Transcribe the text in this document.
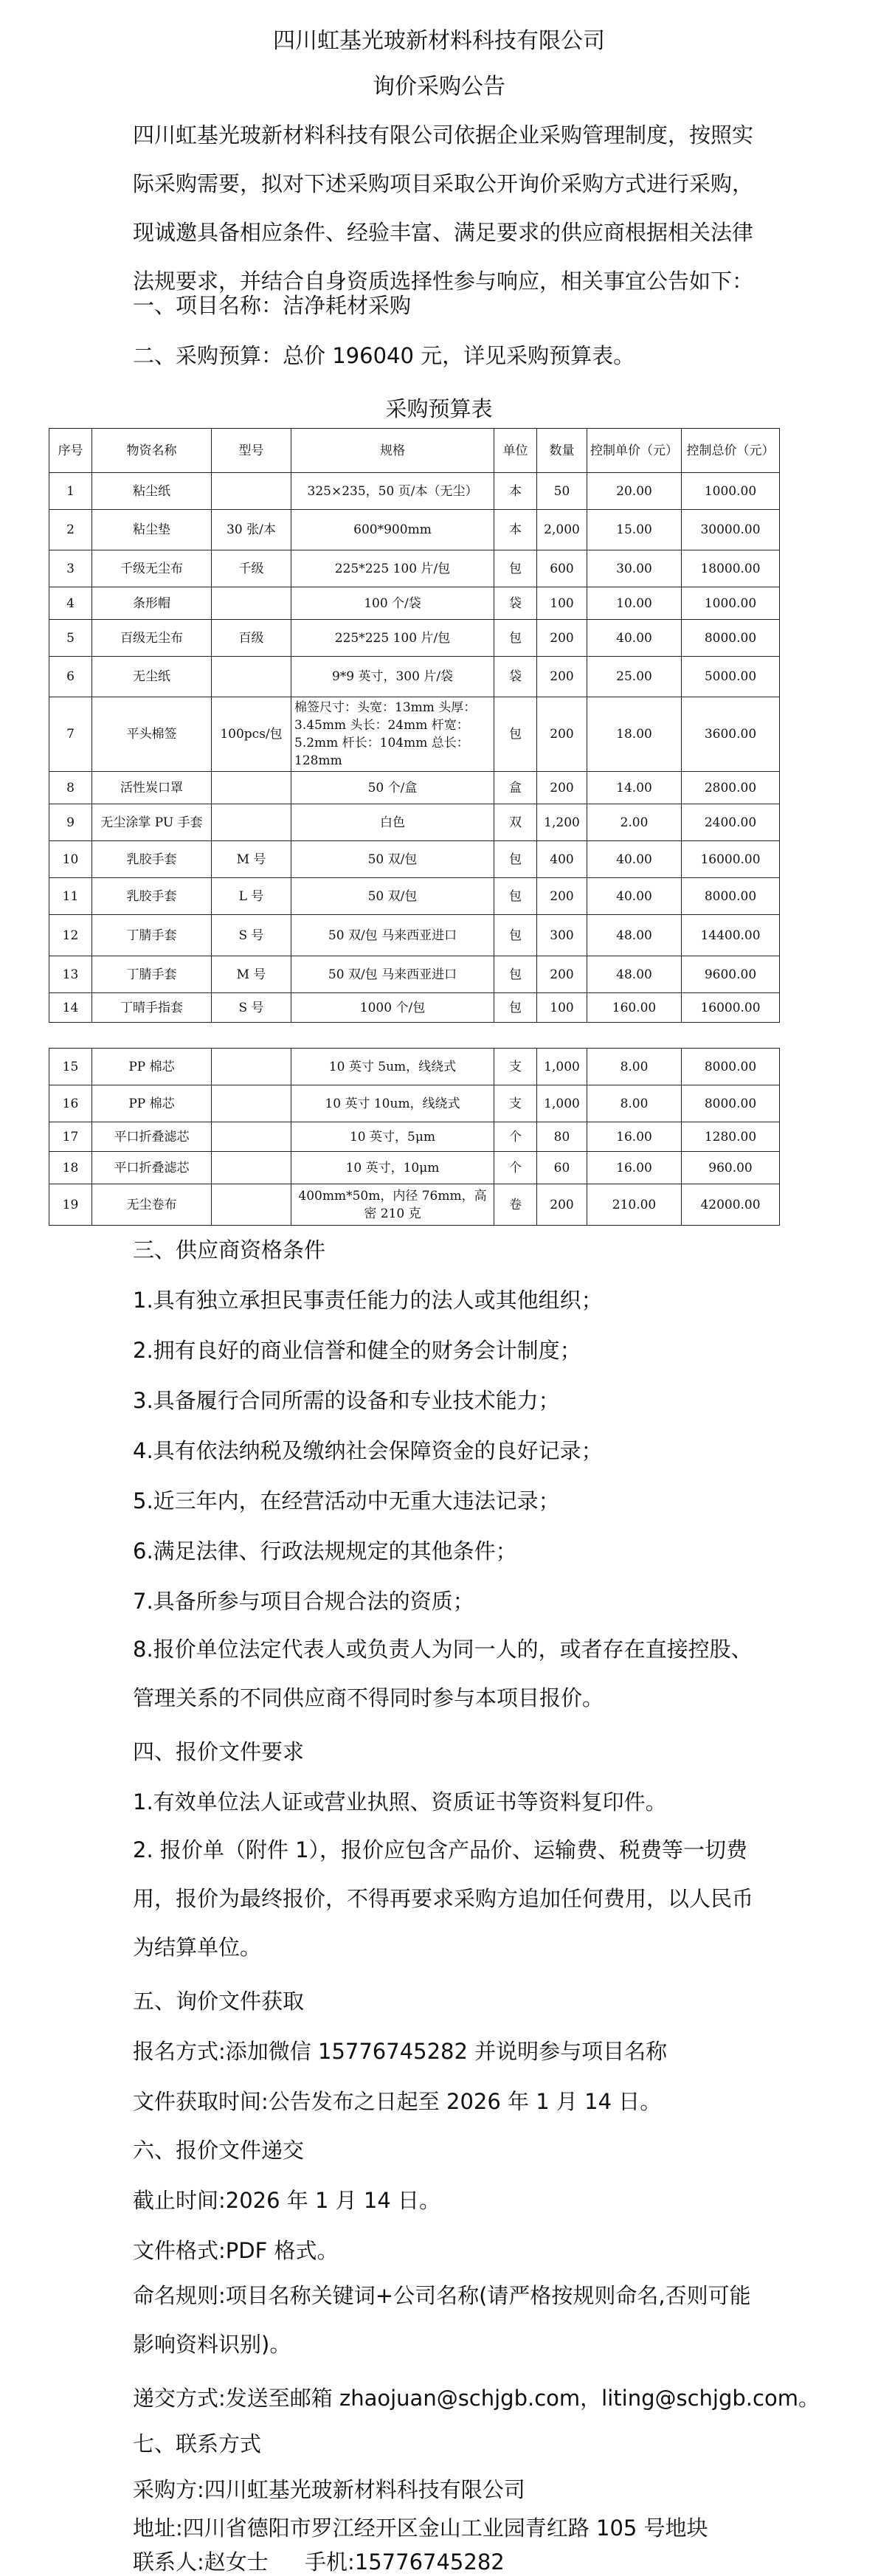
四川虹基光玻新材料科技有限公司
询价采购公告

四川虹基光玻新材料科技有限公司依据企业采购管理制度，按照实际采购需要，拟对下述采购项目采取公开询价采购方式进行采购，现诚邀具备相应条件、经验丰富、满足要求的供应商根据相关法律法规要求，并结合自身资质选择性参与响应，相关事宜公告如下：

一、项目名称：洁净耗材采购
二、采购预算：总价 196040 元，详见采购预算表。
采购预算表
序号	物资名称	型号	规格	单位	数量	控制单价（元）	控制总价（元）
1	粘尘纸		325×235，50 页/本（无尘）	本	50	20.00	1000.00
2	粘尘垫	30 张/本	600*900mm	本	2,000	15.00	30000.00
3	千级无尘布	千级	225*225 100 片/包	包	600	30.00	18000.00
4	条形帽		100 个/袋	袋	100	10.00	1000.00
5	百级无尘布	百级	225*225 100 片/包	包	200	40.00	8000.00
6	无尘纸		9*9 英寸，300 片/袋	袋	200	25.00	5000.00
7	平头棉签	100pcs/包	棉签尺寸：头宽：13mm 头厚：3.45mm 头长：24mm 杆宽：5.2mm 杆长：104mm 总长： 128mm	包	200	18.00	3600.00
8	活性炭口罩		50 个/盒	盒	200	14.00	2800.00
9	无尘涂掌 PU 手套		白色	双	1,200	2.00	2400.00
10	乳胶手套	M 号	50 双/包	包	400	40.00	16000.00
11	乳胶手套	L 号	50 双/包	包	200	40.00	8000.00
12	丁腈手套	S 号	50 双/包 马来西亚进口	包	300	48.00	14400.00
13	丁腈手套	M 号	50 双/包 马来西亚进口	包	200	48.00	9600.00
14	丁晴手指套	S 号	1000 个/包	包	100	160.00	16000.00
15	PP 棉芯		10 英寸 5um，线绕式	支	1,000	8.00	8000.00
16	PP 棉芯		10 英寸 10um，线绕式	支	1,000	8.00	8000.00
17	平口折叠滤芯		10 英寸，5μm	个	80	16.00	1280.00
18	平口折叠滤芯		10 英寸，10μm	个	60	16.00	960.00
19	无尘卷布		400mm*50m，内径 76mm，高密 210 克	卷	200	210.00	42000.00
三、供应商资格条件
1.具有独立承担民事责任能力的法人或其他组织；
2.拥有良好的商业信誉和健全的财务会计制度；
3.具备履行合同所需的设备和专业技术能力；
4.具有依法纳税及缴纳社会保障资金的良好记录；
5.近三年内，在经营活动中无重大违法记录；
6.满足法律、行政法规规定的其他条件；
7.具备所参与项目合规合法的资质；

8.报价单位法定代表人或负责人为同一人的，或者存在直接控股、管理关系的不同供应商不得同时参与本项目报价。

四、报价文件要求
1.有效单位法人证或营业执照、资质证书等资料复印件。

2. 报价单（附件 1），报价应包含产品价、运输费、税费等一切费用，报价为最终报价，不得再要求采购方追加任何费用，以人民币为结算单位。

五、询价文件获取
报名方式:添加微信 15776745282 并说明参与项目名称
文件获取时间:公告发布之日起至 2026 年 1 月 14 日。
六、报价文件递交
截止时间:2026 年 1 月 14 日。
文件格式:PDF 格式。

命名规则:项目名称关键词+公司名称(请严格按规则命名,否则可能影响资料识别)。

递交方式:发送至邮箱 zhaojuan@schjgb.com，liting@schjgb.com。
七、联系方式
采购方:四川虹基光玻新材料科技有限公司
地址:四川省德阳市罗江经开区金山工业园青红路 105 号地块
联系人:赵女士 手机:15776745282
